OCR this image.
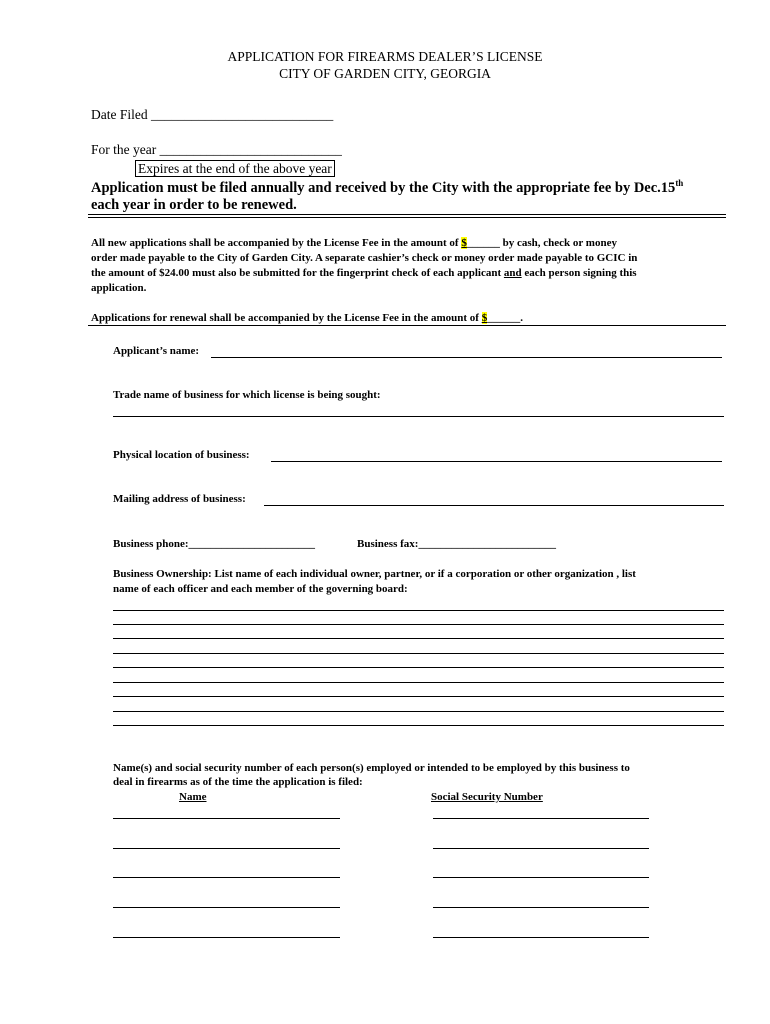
APPLICATION FOR FIREARMS DEALER’S LICENSE
CITY OF GARDEN CITY, GEORGIA
Date Filed ___________________________
For the year ___________________________
Expires at the end of the above year
Application must be filed annually and received by the City with the appropriate fee by Dec.15th
each year in order to be renewed.
All new applications shall be accompanied by the License Fee in the amount of $______ by cash, check or money
order made payable to the City of Garden City. A separate cashier’s check or money order made payable to GCIC in
the amount of $24.00 must also be submitted for the fingerprint check of each applicant and each person signing this
application.
Applications for renewal shall be accompanied by the License Fee in the amount of $______.
Applicant’s name:
Trade name of business for which license is being sought:
Physical location of business:
Mailing address of business:
Business phone:_______________________	Business fax:_________________________
Business Ownership: List name of each individual owner, partner, or if a corporation or other organization , list
name of each officer and each member of the governing board:
Name(s) and social security number of each person(s) employed or intended to be employed by this business to
deal in firearms as of the time the application is filed:
Name	Social Security Number
